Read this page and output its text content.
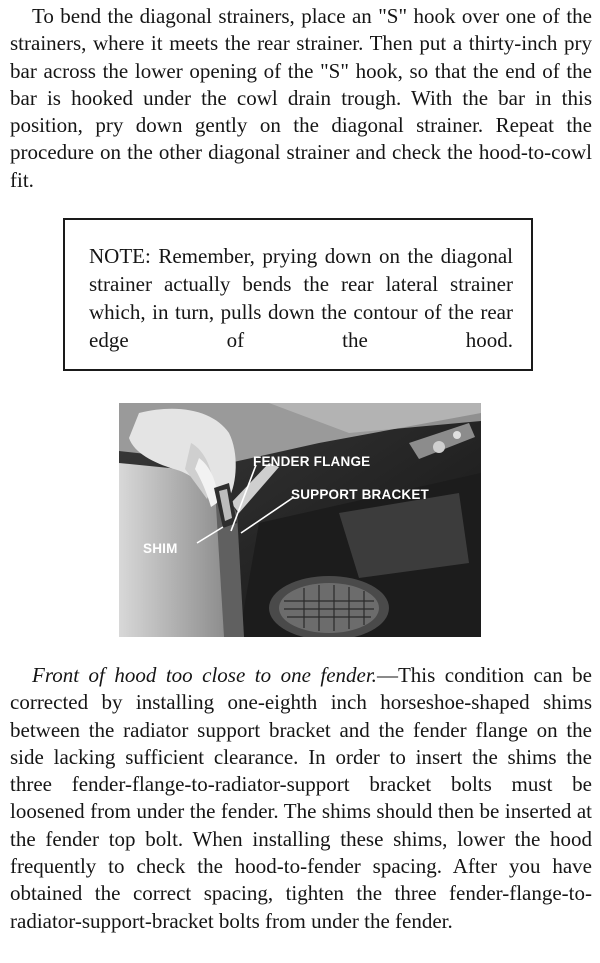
To bend the diagonal strainers, place an "S" hook over one of the strainers, where it meets the rear strainer. Then put a thirty-inch pry bar across the lower opening of the "S" hook, so that the end of the bar is hooked under the cowl drain trough. With the bar in this position, pry down gently on the diagonal strainer. Repeat the procedure on the other diagonal strainer and check the hood-to-cowl fit.

NOTE: Remember, prying down on the diagonal strainer actually bends the rear lateral strainer which, in turn, pulls down the contour of the rear edge of the hood.

FENDER FLANGE
SUPPORT BRACKET
SHIM

Front of hood too close to one fender.—This condition can be corrected by installing one-eighth inch horseshoe-shaped shims between the radiator support bracket and the fender flange on the side lacking sufficient clearance. In order to insert the shims the three fender-flange-to-radiator-support bracket bolts must be loosened from under the fender. The shims should then be inserted at the fender top bolt. When installing these shims, lower the hood frequently to check the hood-to-fender spacing. After you have obtained the correct spacing, tighten the three fender-flange-to-radiator-support-bracket bolts from under the fender.
